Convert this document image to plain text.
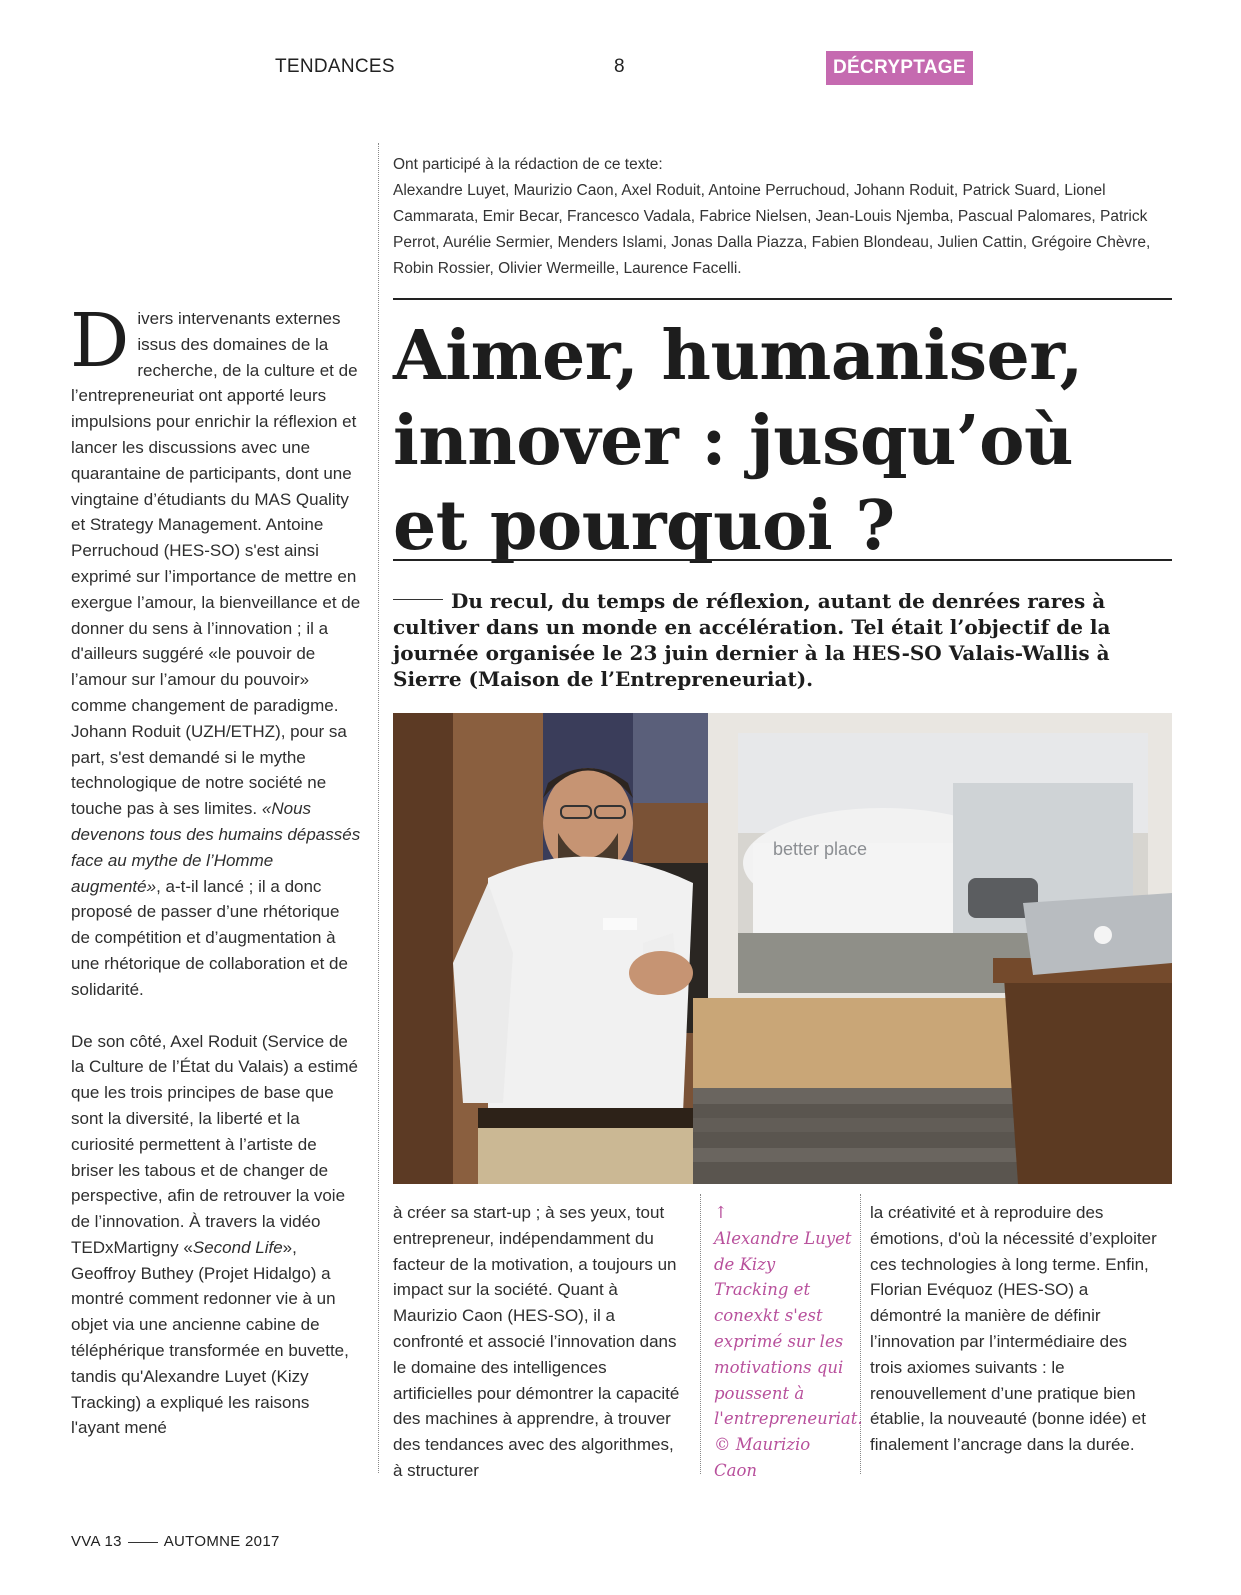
TENDANCES	8	DÉCRYPTAGE

Ont participé à la rédaction de ce texte:

Alexandre Luyet, Maurizio Caon, Axel Roduit, Antoine Perruchoud, Johann Roduit, Patrick Suard, Lionel Cammarata, Emir Becar, Francesco Vadala, Fabrice Nielsen, Jean-Louis Njemba, Pascual Palomares, Patrick Perrot, Aurélie Sermier, Menders Islami, Jonas Dalla Piazza, Fabien Blondeau, Julien Cattin, Grégoire Chèvre, Robin Rossier, Olivier Wermeille, Laurence Facelli.

Aimer, humaniser,
innover : jusqu’où
et pourquoi ?

Du recul, du temps de réflexion, autant de denrées rares à cultiver dans un monde en accélération. Tel était l’objectif de la journée organisée le 23 juin dernier à la HES-SO Valais-Wallis à Sierre (Maison de l’Entrepreneuriat).

Divers intervenants externes issus des domaines de la recherche, de la culture et de l’entrepreneuriat ont apporté leurs impulsions pour enrichir la réflexion et lancer les discussions avec une quarantaine de participants, dont une vingtaine d’étudiants du MAS Quality et Strategy Management. Antoine Perruchoud (HES-SO) s'est ainsi exprimé sur l’importance de mettre en exergue l’amour, la bienveillance et de donner du sens à l’innovation ; il a d'ailleurs suggéré «le pouvoir de l’amour sur l’amour du pouvoir» comme changement de paradigme. Johann Roduit (UZH/ETHZ), pour sa part, s'est demandé si le mythe technologique de notre société ne touche pas à ses limites. «Nous devenons tous des humains dépassés face au mythe de l’Homme augmenté», a-t-il lancé ; il a donc proposé de passer d’une rhétorique de compétition et d’augmentation à une rhétorique de collaboration et de solidarité.

De son côté, Axel Roduit (Service de la Culture de l’État du Valais) a estimé que les trois principes de base que sont la diversité, la liberté et la curiosité permettent à l’artiste de briser les tabous et de changer de perspective, afin de retrouver la voie de l’innovation. À travers la vidéo TEDxMartigny «Second Life», Geoffroy Buthey (Projet Hidalgo) a montré comment redonner vie à un objet via une ancienne cabine de téléphérique transformée en buvette, tandis qu'Alexandre Luyet (Kizy Tracking) a expliqué les raisons l'ayant mené

better place
à créer sa start-up ; à ses yeux, tout entrepreneur, indépendamment du facteur de la motivation, a toujours un impact sur la société. Quant à Maurizio Caon (HES-SO), il a confronté et associé l’innovation dans le domaine des intelligences artificielles pour démontrer la capacité des machines à apprendre, à trouver des tendances avec des algorithmes, à structurer
↑
Alexandre Luyet de Kizy Tracking et conexkt s'est exprimé sur les motivations qui poussent à l'entrepreneuriat.
© Maurizio Caon
la créativité et à reproduire des émotions, d'où la nécessité d’exploiter ces technologies à long terme. Enfin, Florian Evéquoz (HES-SO) a démontré la manière de définir l’innovation par l’intermédiaire des trois axiomes suivants : le renouvellement d’une pratique bien établie, la nouveauté (bonne idée) et finalement l’ancrage dans la durée.
VVA 13	AUTOMNE 2017
